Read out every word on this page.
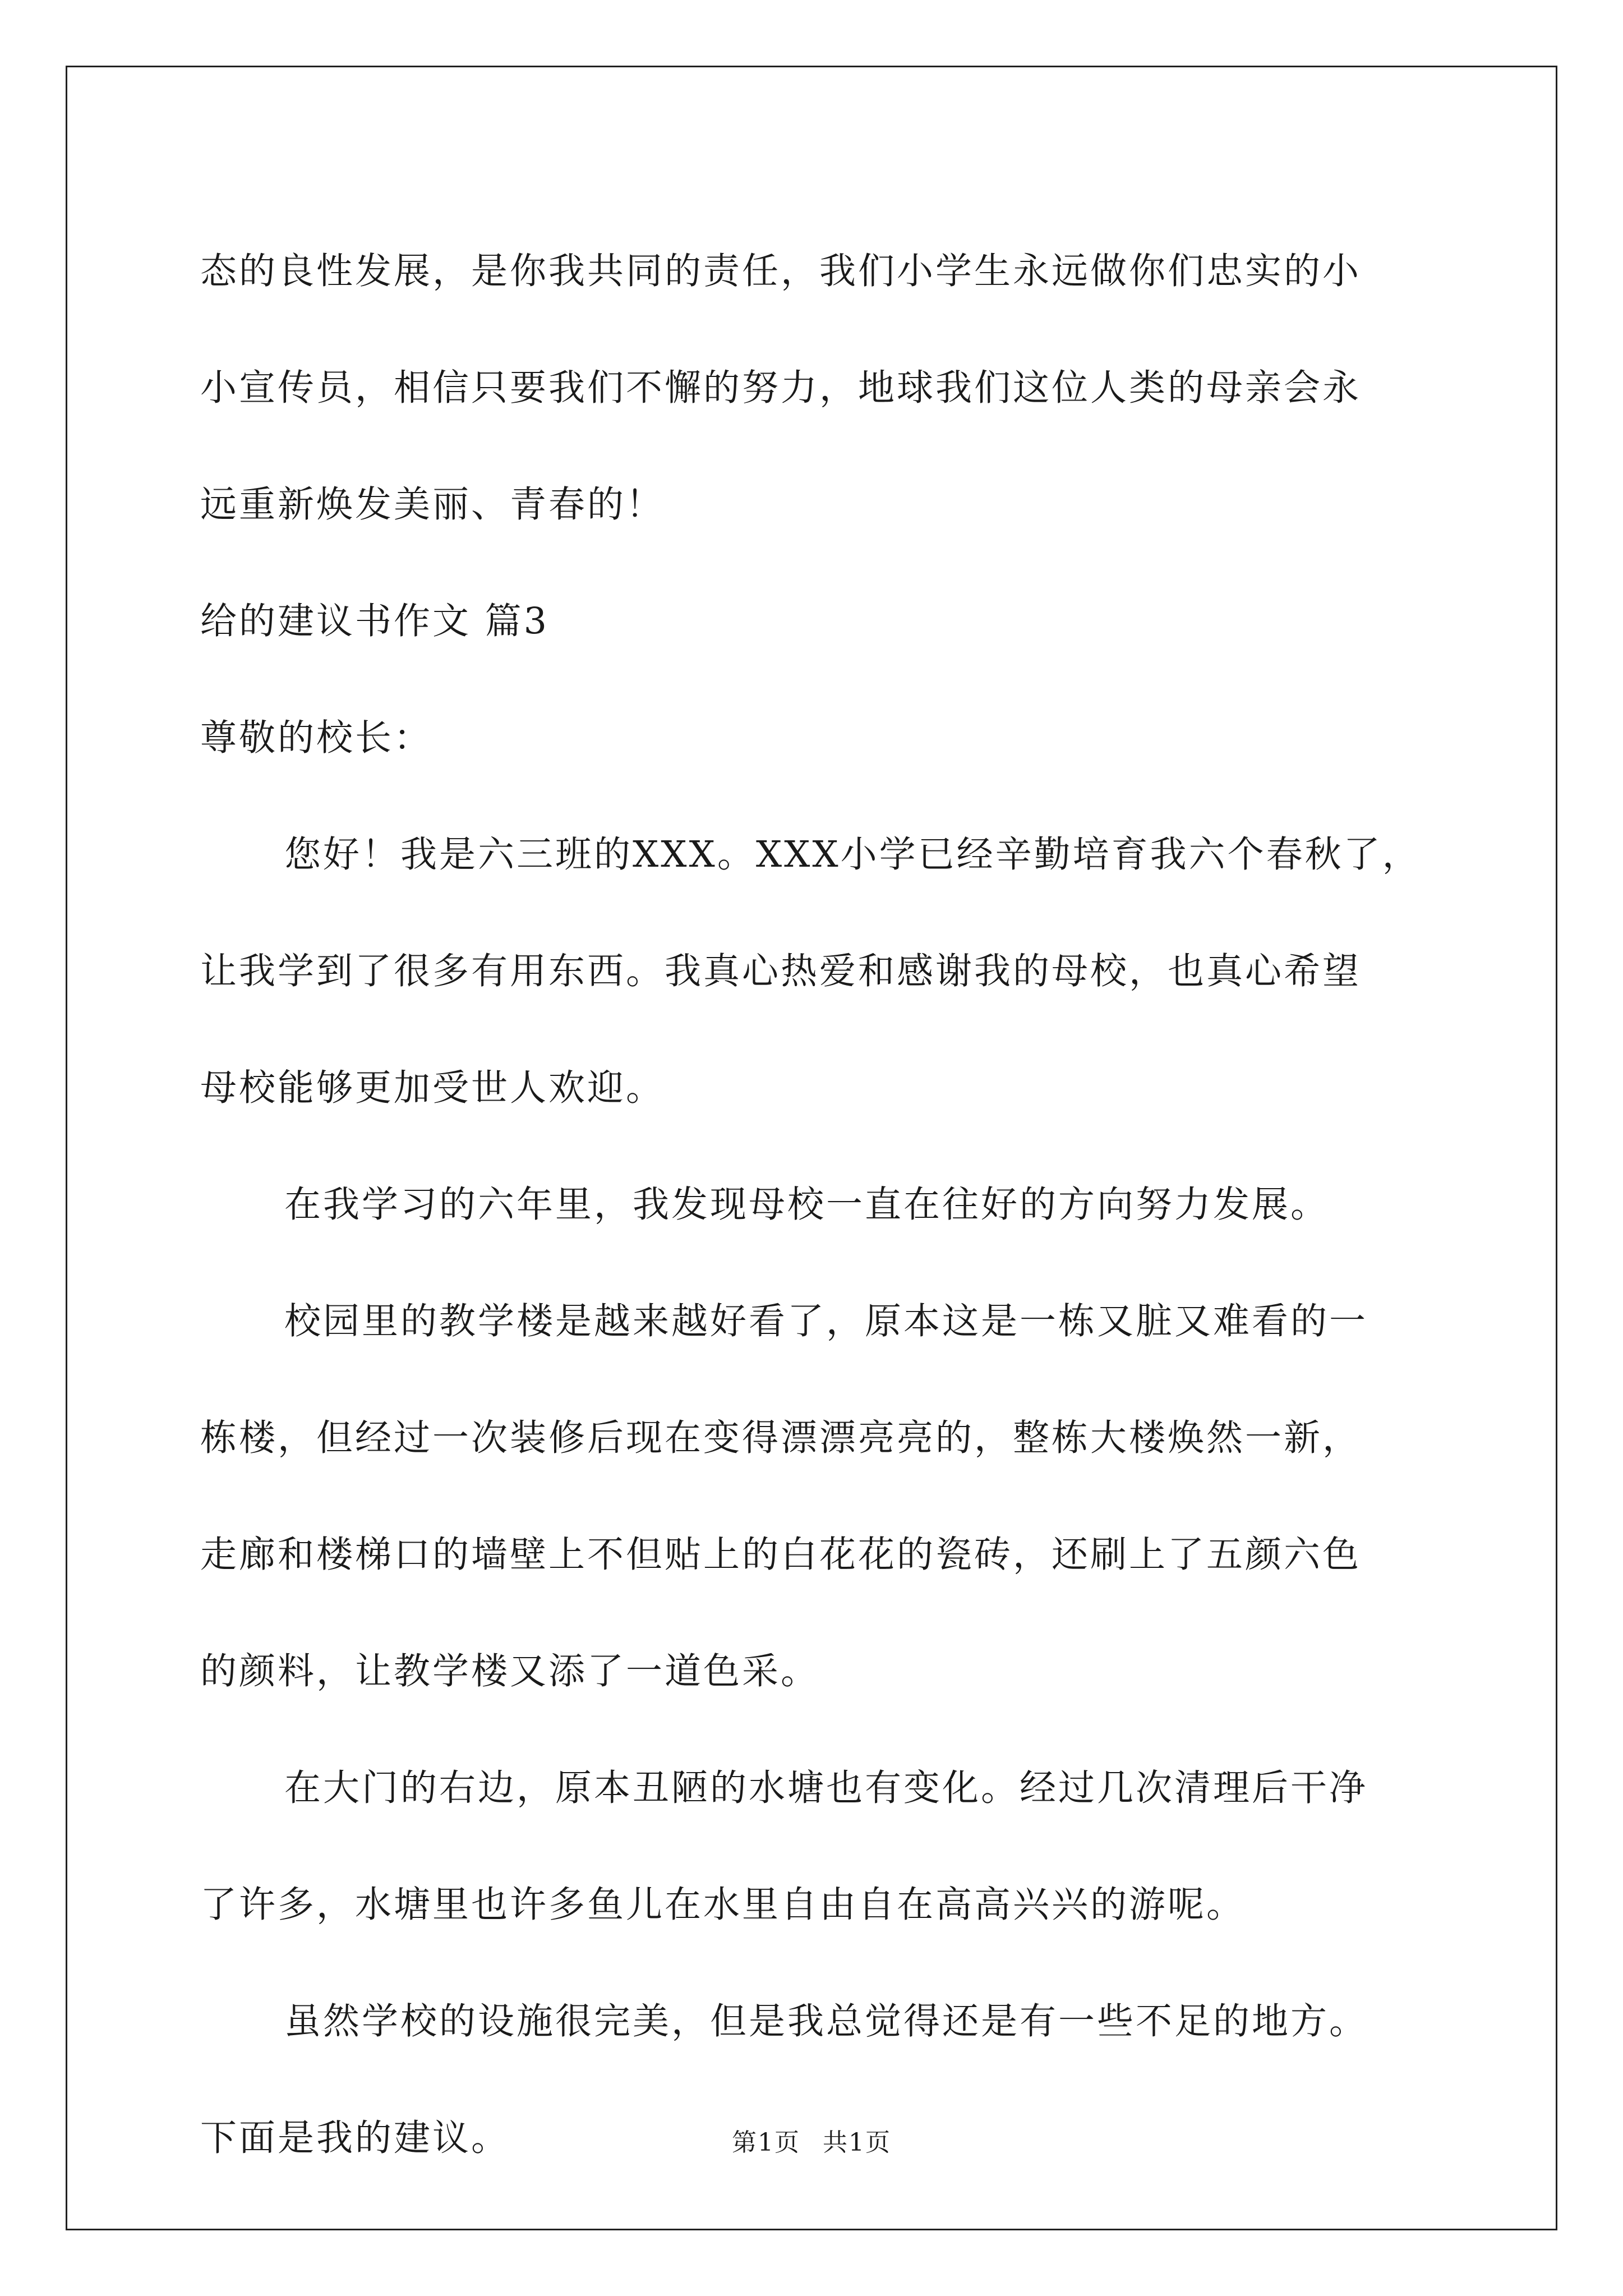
态的良性发展，是你我共同的责任，我们小学生永远做你们忠实的小
小宣传员，相信只要我们不懈的努力，地球我们这位人类的母亲会永
远重新焕发美丽、青春的！
给的建议书作文 篇3
尊敬的校长：
您好！我是六三班的XXX。XXX小学已经辛勤培育我六个春秋了，
让我学到了很多有用东西。我真心热爱和感谢我的母校，也真心希望
母校能够更加受世人欢迎。
在我学习的六年里，我发现母校一直在往好的方向努力发展。
校园里的教学楼是越来越好看了，原本这是一栋又脏又难看的一
栋楼，但经过一次装修后现在变得漂漂亮亮的，整栋大楼焕然一新，
走廊和楼梯口的墙壁上不但贴上的白花花的瓷砖，还刷上了五颜六色
的颜料，让教学楼又添了一道色采。
在大门的右边，原本丑陋的水塘也有变化。经过几次清理后干净
了许多，水塘里也许多鱼儿在水里自由自在高高兴兴的游呢。
虽然学校的设施很完美，但是我总觉得还是有一些不足的地方。
下面是我的建议。	第1页 共1页
